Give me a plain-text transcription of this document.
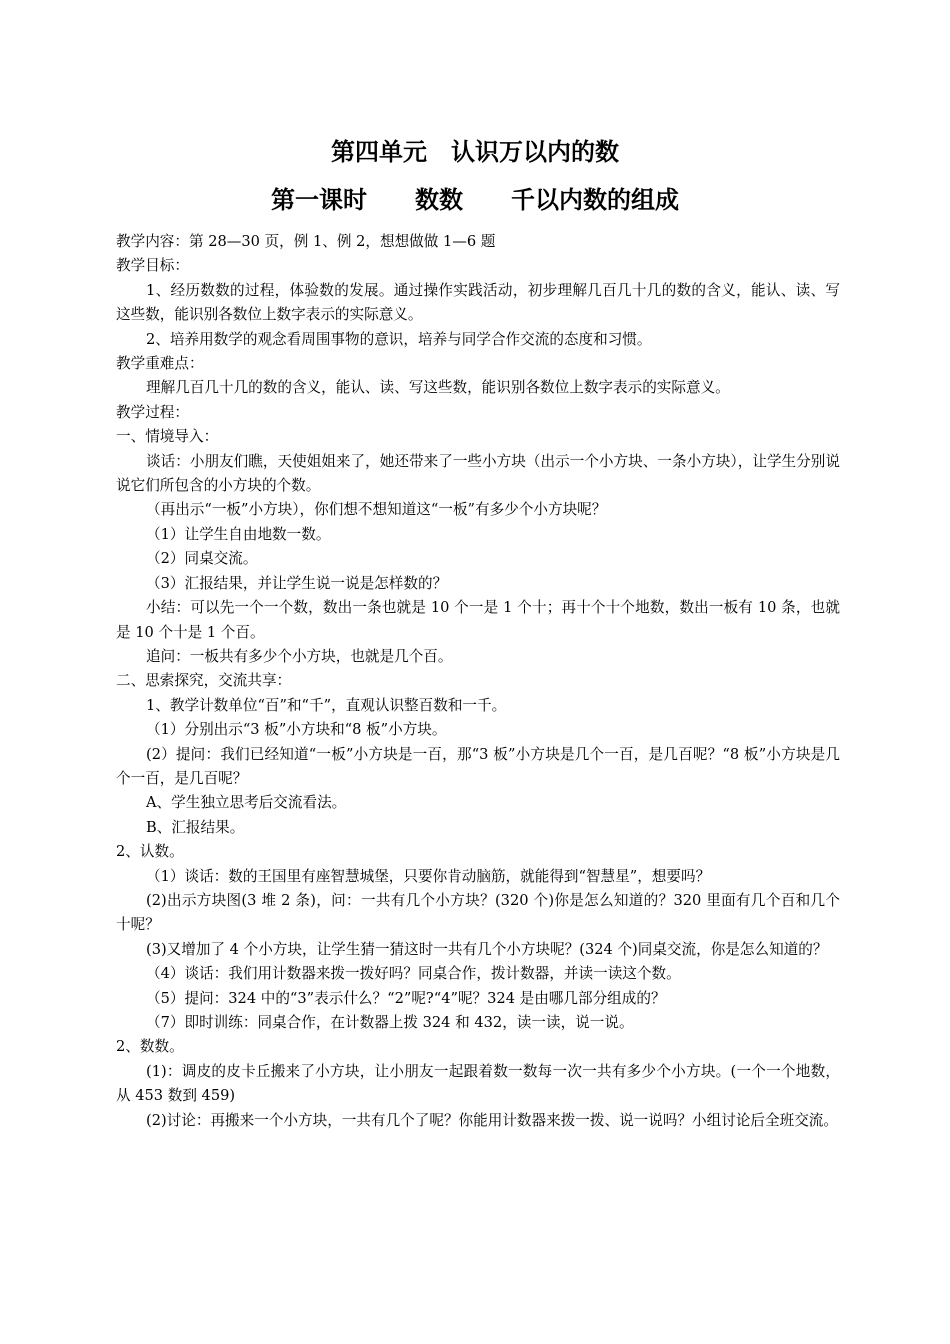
第四单元　认识万以内的数
第一课时　　数数　　千以内数的组成

教学内容：第 28—30 页，例 1、例 2，想想做做 1—6 题

教学目标：

1、经历数数的过程，体验数的发展。通过操作实践活动，初步理解几百几十几的数的含义，能认、读、写这些数，能识别各数位上数字表示的实际意义。

2、培养用数学的观念看周围事物的意识，培养与同学合作交流的态度和习惯。

教学重难点：

理解几百几十几的数的含义，能认、读、写这些数，能识别各数位上数字表示的实际意义。

教学过程：

一、情境导入：

谈话：小朋友们瞧，天使姐姐来了，她还带来了一些小方块（出示一个小方块、一条小方块），让学生分别说说它们所包含的小方块的个数。

（再出示“一板”小方块），你们想不想知道这“一板”有多少个小方块呢？

（1）让学生自由地数一数。

（2）同桌交流。

（3）汇报结果，并让学生说一说是怎样数的？

小结：可以先一个一个数，数出一条也就是 10 个一是 1 个十；再十个十个地数，数出一板有 10 条，也就是 10 个十是 1 个百。

追问：一板共有多少个小方块，也就是几个百。

二、思索探究，交流共享：

1、教学计数单位“百”和“千”，直观认识整百数和一千。

（1）分别出示“3 板”小方块和“8 板”小方块。

(2）提问：我们已经知道“一板”小方块是一百，那“3 板”小方块是几个一百，是几百呢？“8 板”小方块是几个一百，是几百呢？

A、学生独立思考后交流看法。

B、汇报结果。

2、认数。

（1）谈话：数的王国里有座智慧城堡，只要你肯动脑筋，就能得到“智慧星”，想要吗？

(2)出示方块图(3 堆 2 条)，问：一共有几个小方块？(320 个)你是怎么知道的？320 里面有几个百和几个十呢？

(3)又增加了 4 个小方块，让学生猜一猜这时一共有几个小方块呢？(324 个)同桌交流，你是怎么知道的？

（4）谈话：我们用计数器来拨一拨好吗？同桌合作，拨计数器，并读一读这个数。

（5）提问：324 中的“3”表示什么？“2”呢?“4”呢？324 是由哪几部分组成的？

（7）即时训练：同桌合作，在计数器上拨 324 和 432，读一读，说一说。

2、数数。

(1)：调皮的皮卡丘搬来了小方块，让小朋友一起跟着数一数每一次一共有多少个小方块。(一个一个地数，从 453 数到 459)

(2)讨论：再搬来一个小方块，一共有几个了呢？你能用计数器来拨一拨、说一说吗？小组讨论后全班交流。
